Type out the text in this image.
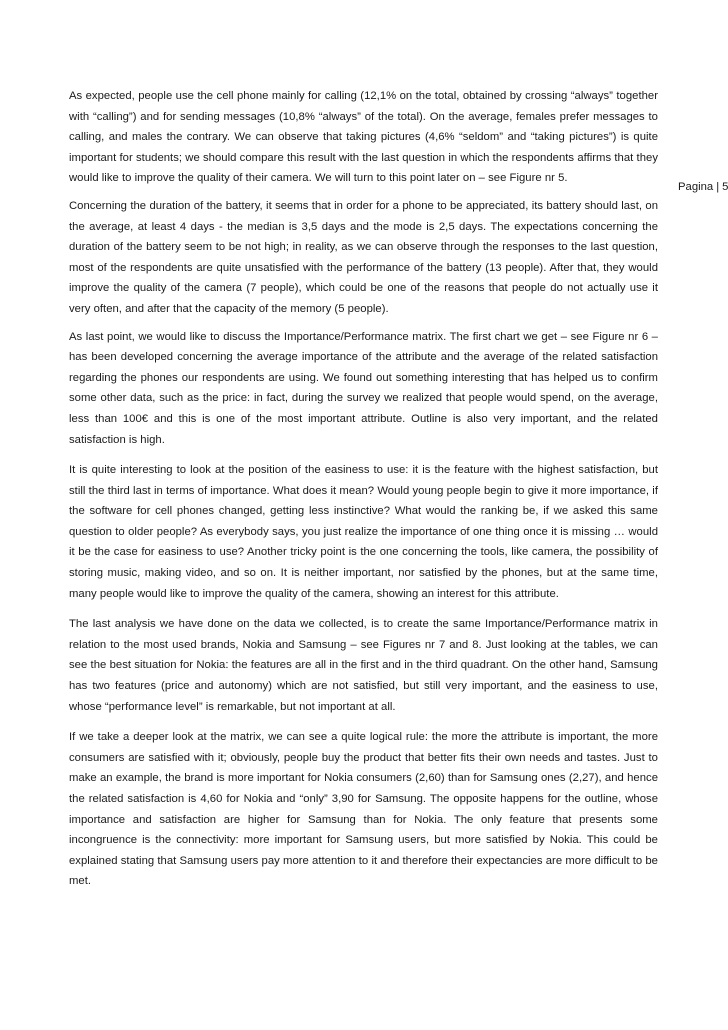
Pagina | 5

As expected, people use the cell phone mainly for calling (12,1% on the total, obtained by crossing “always” together with “calling”) and for sending messages (10,8% “always” of the total). On the average, females prefer messages to calling, and males the contrary. We can observe that taking pictures (4,6% “seldom” and “taking pictures”) is quite important for students; we should compare this result with the last question in which the respondents affirms that they would like to improve the quality of their camera. We will turn to this point later on – see Figure nr 5.

Concerning the duration of the battery, it seems that in order for a phone to be appreciated, its battery should last, on the average, at least 4 days - the median is 3,5 days and the mode is 2,5 days. The expectations concerning the duration of the battery seem to be not high; in reality, as we can observe through the responses to the last question, most of the respondents are quite unsatisfied with the performance of the battery (13 people). After that, they would improve the quality of the camera (7 people), which could be one of the reasons that people do not actually use it very often, and after that the capacity of the memory (5 people).

As last point, we would like to discuss the Importance/Performance matrix. The first chart we get – see Figure nr 6 – has been developed concerning the average importance of the attribute and the average of the related satisfaction regarding the phones our respondents are using. We found out something interesting that has helped us to confirm some other data, such as the price: in fact, during the survey we realized that people would spend, on the average, less than 100€ and this is one of the most important attribute. Outline is also very important, and the related satisfaction is high.

It is quite interesting to look at the position of the easiness to use: it is the feature with the highest satisfaction, but still the third last in terms of importance. What does it mean? Would young people begin to give it more importance, if the software for cell phones changed, getting less instinctive? What would the ranking be, if we asked this same question to older people? As everybody says, you just realize the importance of one thing once it is missing … would it be the case for easiness to use? Another tricky point is the one concerning the tools, like camera, the possibility of storing music, making video, and so on. It is neither important, nor satisfied by the phones, but at the same time, many people would like to improve the quality of the camera, showing an interest for this attribute.

The last analysis we have done on the data we collected, is to create the same Importance/Performance matrix in relation to the most used brands, Nokia and Samsung – see Figures nr 7 and 8. Just looking at the tables, we can see the best situation for Nokia: the features are all in the first and in the third quadrant. On the other hand, Samsung has two features (price and autonomy) which are not satisfied, but still very important, and the easiness to use, whose “performance level” is remarkable, but not important at all.

If we take a deeper look at the matrix, we can see a quite logical rule: the more the attribute is important, the more consumers are satisfied with it; obviously, people buy the product that better fits their own needs and tastes. Just to make an example, the brand is more important for Nokia consumers (2,60) than for Samsung ones (2,27), and hence the related satisfaction is 4,60 for Nokia and “only” 3,90 for Samsung. The opposite happens for the outline, whose importance and satisfaction are higher for Samsung than for Nokia. The only feature that presents some incongruence is the connectivity: more important for Samsung users, but more satisfied by Nokia. This could be explained stating that Samsung users pay more attention to it and therefore their expectancies are more difficult to be met.
